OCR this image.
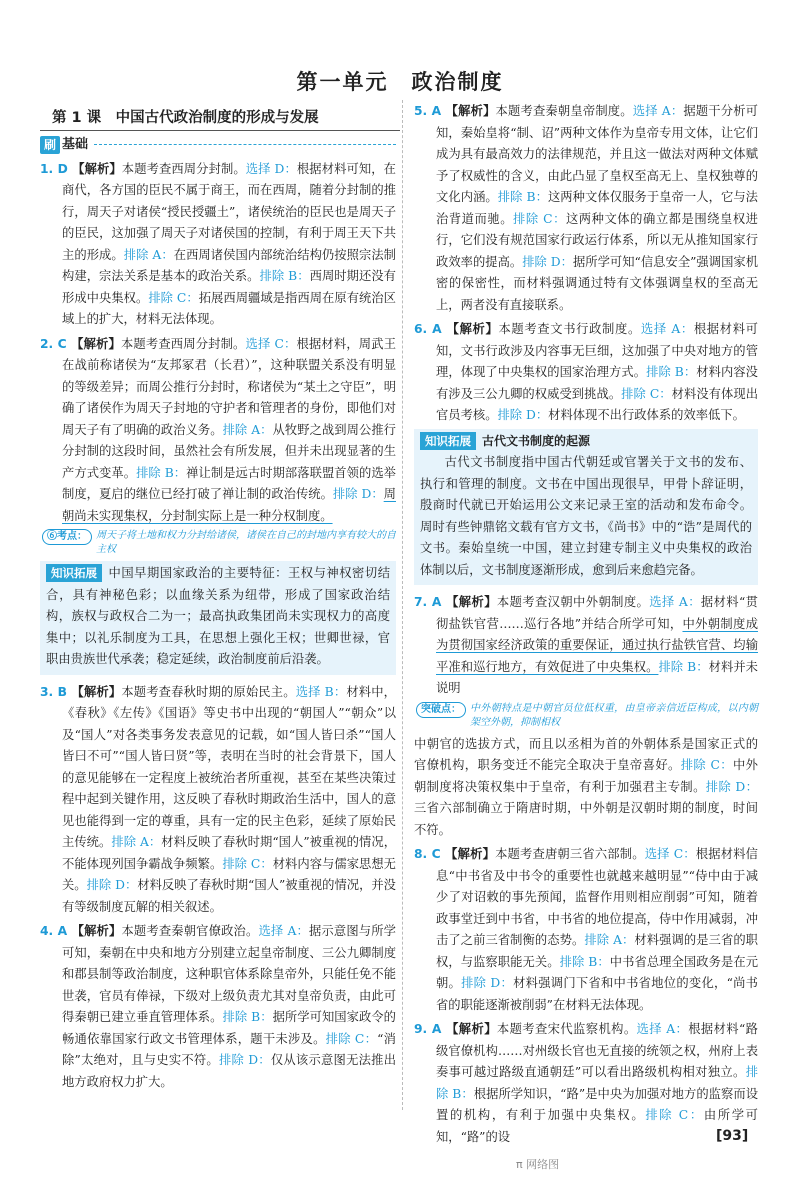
第一单元　政治制度
第 1 课　中国古代政治制度的形成与发展
刷 基础
1. D 【解析】本题考查西周分封制。选择 D：根据材料可知，在商代，各方国的臣民不属于商王，而在西周，随着分封制的推行，周天子对诸侯“授民授疆土”，诸侯统治的臣民也是周天子的臣民，这加强了周天子对诸侯国的控制，有利于周王天下共主的形成。排除 A：在西周诸侯国内部统治结构仍按照宗法制构建，宗法关系是基本的政治关系。排除 B：西周时期还没有形成中央集权。排除 C：拓展西周疆域是指西周在原有统治区域上的扩大，材料无法体现。
2. C 【解析】本题考查西周分封制。选择 C：根据材料，周武王在战前称诸侯为“友邦冢君（长君）”，这种联盟关系没有明显的等级差异；而周公推行分封时，称诸侯为“某土之守臣”，明确了诸侯作为周天子封地的守护者和管理者的身份，即他们对周天子有了明确的政治义务。排除 A：从牧野之战到周公推行分封制的这段时间，虽然社会有所发展，但并未出现显著的生产方式变革。排除 B：禅让制是远古时期部落联盟首领的选举制度，夏启的继位已经打破了禅让制的政治传统。排除 D：周朝尚未实现集权，分封制实际上是一种分权制度。
⑥考点： 周天子将土地和权力分封给诸侯，诸侯在自己的封地内享有较大的自主权
知识拓展 中国早期国家政治的主要特征：王权与神权密切结合，具有神秘色彩；以血缘关系为纽带，形成了国家政治结构，族权与政权合二为一；最高执政集团尚未实现权力的高度集中；以礼乐制度为工具，在思想上强化王权；世卿世禄，官职由贵族世代承袭；稳定延续，政治制度前后沿袭。
3. B 【解析】本题考查春秋时期的原始民主。选择 B：材料中，《春秋》《左传》《国语》等史书中出现的“朝国人”“朝众”以及“国人”对各类事务发表意见的记载，如“国人皆曰杀”“国人皆曰不可”“国人皆曰贤”等，表明在当时的社会背景下，国人的意见能够在一定程度上被统治者所重视，甚至在某些决策过程中起到关键作用，这反映了春秋时期政治生活中，国人的意见也能得到一定的尊重，具有一定的民主色彩，延续了原始民主传统。排除 A：材料反映了春秋时期“国人”被重视的情况，不能体现列国争霸战争频繁。排除 C：材料内容与儒家思想无关。排除 D：材料反映了春秋时期“国人”被重视的情况，并没有等级制度瓦解的相关叙述。
4. A 【解析】本题考查秦朝官僚政治。选择 A：据示意图与所学可知，秦朝在中央和地方分别建立起皇帝制度、三公九卿制度和郡县制等政治制度，这种职官体系除皇帝外，只能任免不能世袭，官员有俸禄，下级对上级负责尤其对皇帝负责，由此可得秦朝已建立垂直管理体系。排除 B：据所学可知国家政令的畅通依靠国家行政文书管理体系，题干未涉及。排除 C：“消除”太绝对，且与史实不符。排除 D：仅从该示意图无法推出地方政府权力扩大。
5. A 【解析】本题考查秦朝皇帝制度。选择 A：据题干分析可知，秦始皇将“制、诏”两种文体作为皇帝专用文体，让它们成为具有最高效力的法律规范，并且这一做法对两种文体赋予了权威性的含义，由此凸显了皇权至高无上、皇权独尊的文化内涵。排除 B：这两种文体仅服务于皇帝一人，它与法治背道而驰。排除 C：这两种文体的确立都是围绕皇权进行，它们没有规范国家行政运行体系，所以无从推知国家行政效率的提高。排除 D：据所学可知“信息安全”强调国家机密的保密性，而材料强调通过特有文体强调皇权的至高无上，两者没有直接联系。
6. A 【解析】本题考查文书行政制度。选择 A：根据材料可知，文书行政涉及内容事无巨细，这加强了中央对地方的管理，体现了中央集权的国家治理方式。排除 B：材料内容没有涉及三公九卿的权威受到挑战。排除 C：材料没有体现出官员考核。排除 D：材料体现不出行政体系的效率低下。
知识拓展 古代文书制度的起源

古代文书制度指中国古代朝廷或官署关于文书的发布、执行和管理的制度。文书在中国出现很早，甲骨卜辞证明，殷商时代就已开始运用公文来记录王室的活动和发布命令。周时有些钟鼎铭文载有官方文书，《尚书》中的“诰”是周代的文书。秦始皇统一中国，建立封建专制主义中央集权的政治体制以后，文书制度逐渐形成，愈到后来愈趋完备。

7. A 【解析】本题考查汉朝中外朝制度。选择 A：据材料“贯彻盐铁官营……巡行各地”并结合所学可知，中外朝制度成为贯彻国家经济政策的重要保证，通过执行盐铁官营、均输平准和巡行地方，有效促进了中央集权。排除 B：材料并未说明
突破点： 中外朝特点是中朝官员位低权重，由皇帝亲信近臣构成，以内朝架空外朝，抑制相权
中朝官的选拔方式，而且以丞相为首的外朝体系是国家正式的官僚机构，职务变迁不能完全取决于皇帝喜好。排除 C：中外朝制度将决策权集中于皇帝，有利于加强君主专制。排除 D：三省六部制确立于隋唐时期，中外朝是汉朝时期的制度，时间不符。
8. C 【解析】本题考查唐朝三省六部制。选择 C：根据材料信息“中书省及中书令的重要性也就越来越明显”“侍中由于减少了对诏敕的事先预闻，监督作用则相应削弱”可知，随着政事堂迁到中书省，中书省的地位提高，侍中作用减弱，冲击了之前三省制衡的态势。排除 A：材料强调的是三省的职权，与监察职能无关。排除 B：中书省总理全国政务是在元朝。排除 D：材料强调门下省和中书省地位的变化，“尚书省的职能逐渐被削弱”在材料无法体现。
9. A 【解析】本题考查宋代监察机构。选择 A：根据材料“路级官僚机构……对州级长官也无直接的统领之权，州府上表奏事可越过路级直通朝廷”可以看出路级机构相对独立。排除 B：根据所学知识，“路”是中央为加强对地方的监察而设置的机构，有利于加强中央集权。排除 C：由所学可知，“路”的设	[93]
π 网络图
